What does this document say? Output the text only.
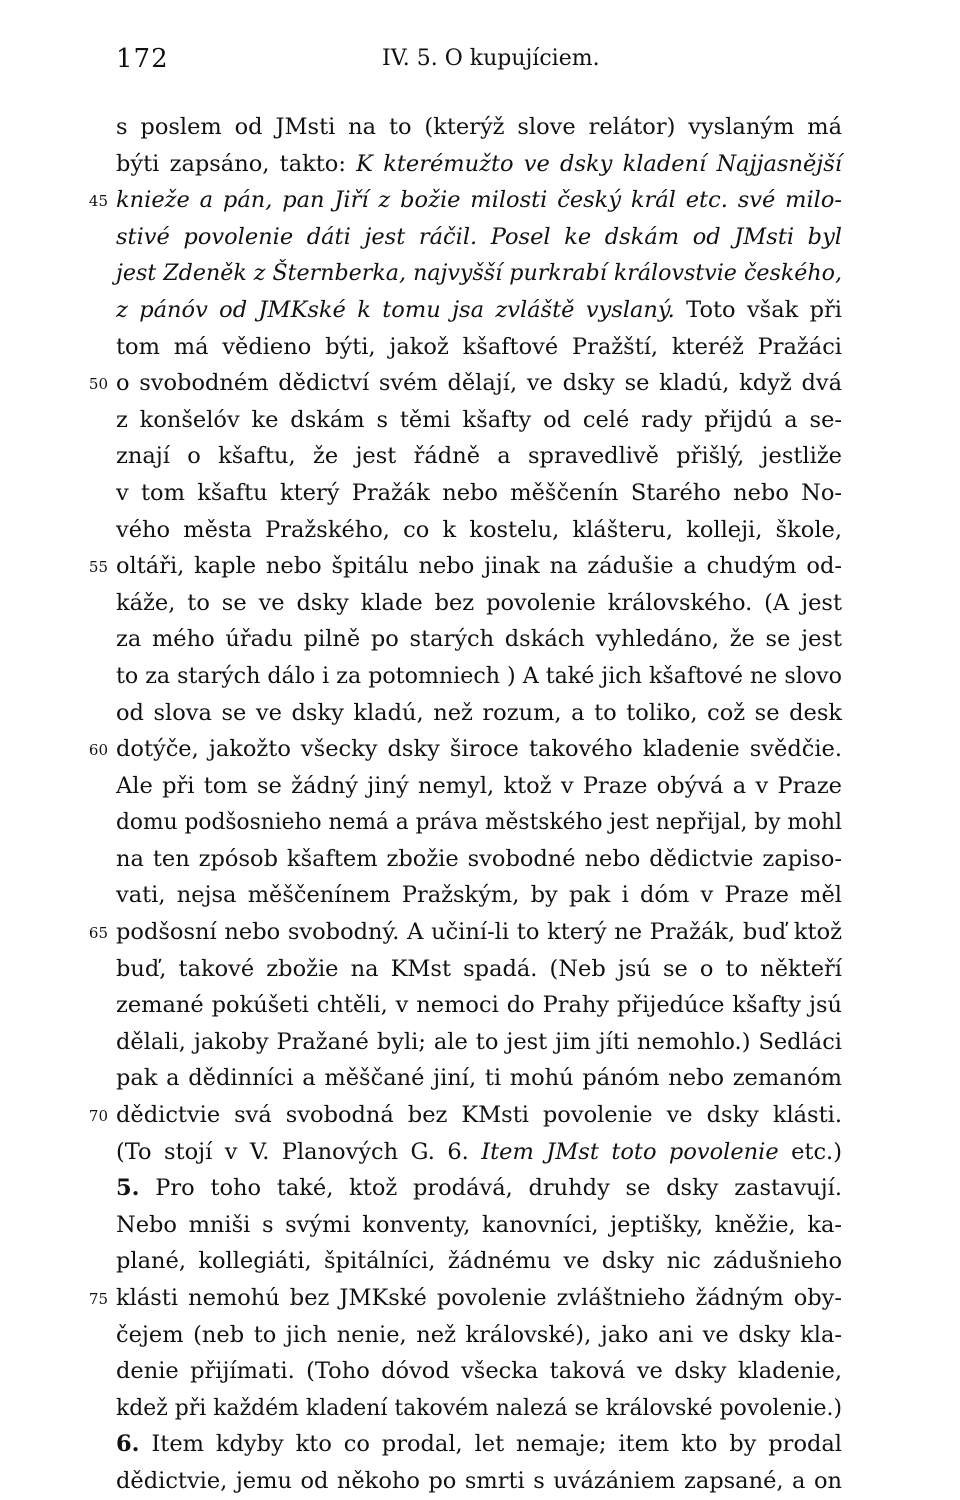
172	IV. 5. O kupujíciem.
s poslem od JMsti na to (kterýž slove relátor) vyslaným má
býti zapsáno, takto: K kterémužto ve dsky kladení Najjasnější
45 knieže a pán, pan Jiří z božie milosti český král etc. své milo-
stivé povolenie dáti jest ráčil. Posel ke dskám od JMsti byl
jest Zdeněk z Šternberka, najvyšší purkrabí královstvie českého,
z pánóv od JMKské k tomu jsa zvláště vyslaný. Toto však při
tom má vědieno býti, jakož kšaftové Pražští, kteréž Pražáci
50 o svobodném dědictví svém dělají, ve dsky se kladú, když dvá
z konšelóv ke dskám s těmi kšafty od celé rady přijdú a se-
znají o kšaftu, že jest řádně a spravedlivě přišlý, jestliže
v tom kšaftu který Pražák nebo měščenín Starého nebo No-
vého města Pražského, co k kostelu, klášteru, kolleji, škole,
55 oltáři, kaple nebo špitálu nebo jinak na zádušie a chudým od-
káže, to se ve dsky klade bez povolenie královského. (A jest
za mého úřadu pilně po starých dskách vyhledáno, že se jest
to za starých dálo i za potomniech ) A také jich kšaftové ne slovo
od slova se ve dsky kladú, než rozum, a to toliko, což se desk
60 dotýče, jakožto všecky dsky široce takového kladenie svědčie.
Ale při tom se žádný jiný nemyl, ktož v Praze obývá a v Praze
domu podšosnieho nemá a práva městského jest nepřijal, by mohl
na ten zpósob kšaftem zbožie svobodné nebo dědictvie zapiso-
vati, nejsa měščenínem Pražským, by pak i dóm v Praze měl
65 podšosní nebo svobodný. A učiní-li to který ne Pražák, buď ktož
buď, takové zbožie na KMst spadá. (Neb jsú se o to někteří
zemané pokúšeti chtěli, v nemoci do Prahy přijedúce kšafty jsú
dělali, jakoby Pražané byli; ale to jest jim jíti nemohlo.) Sedláci
pak a dědinníci a měščané jiní, ti mohú pánóm nebo zemanóm
70 dědictvie svá svobodná bez KMsti povolenie ve dsky klásti.
(To stojí v V. Planových G. 6. Item JMst toto povolenie etc.)
5. Pro toho také, ktož prodává, druhdy se dsky zastavují.
Nebo mniši s svými konventy, kanovníci, jeptišky, kněžie, ka-
plané, kollegiáti, špitálníci, žádnému ve dsky nic zádušnieho
75 klásti nemohú bez JMKské povolenie zvláštnieho žádným oby-
čejem (neb to jich nenie, než královské), jako ani ve dsky kla-
denie přijímati. (Toho dóvod všecka taková ve dsky kladenie,
kdež při každém kladení takovém nalezá se královské povolenie.)
6. Item kdyby kto co prodal, let nemaje; item kto by prodal
dědictvie, jemu od někoho po smrti s uvázániem zapsané, a on
